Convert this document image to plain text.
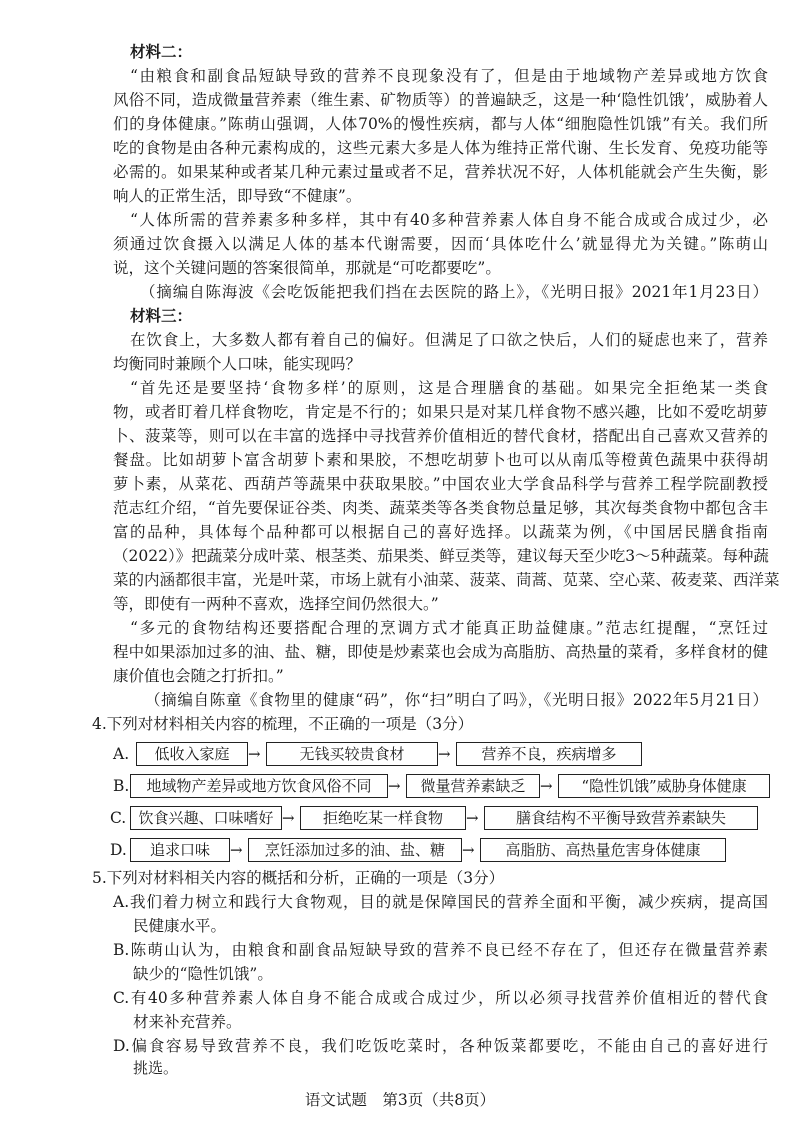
材料二：
“由粮食和副食品短缺导致的营养不良现象没有了，但是由于地域物产差异或地方饮食
风俗不同，造成微量营养素（维生素、矿物质等）的普遍缺乏，这是一种‘隐性饥饿’，威胁着人
们的身体健康。”陈萌山强调，人体70%的慢性疾病，都与人体“细胞隐性饥饿”有关。我们所
吃的食物是由各种元素构成的，这些元素大多是人体为维持正常代谢、生长发育、免疫功能等
必需的。如果某种或者某几种元素过量或者不足，营养状况不好，人体机能就会产生失衡，影
响人的正常生活，即导致“不健康”。
“人体所需的营养素多种多样，其中有40多种营养素人体自身不能合成或合成过少，必
须通过饮食摄入以满足人体的基本代谢需要，因而‘具体吃什么’就显得尤为关键。”陈萌山
说，这个关键问题的答案很简单，那就是“可吃都要吃”。
（摘编自陈海波《会吃饭能把我们挡在去医院的路上》，《光明日报》2021年1月23日）
材料三：
在饮食上，大多数人都有着自己的偏好。但满足了口欲之快后，人们的疑虑也来了，营养
均衡同时兼顾个人口味，能实现吗？
“首先还是要坚持‘食物多样’的原则，这是合理膳食的基础。如果完全拒绝某一类食
物，或者盯着几样食物吃，肯定是不行的；如果只是对某几样食物不感兴趣，比如不爱吃胡萝
卜、菠菜等，则可以在丰富的选择中寻找营养价值相近的替代食材，搭配出自己喜欢又营养的
餐盘。比如胡萝卜富含胡萝卜素和果胶，不想吃胡萝卜也可以从南瓜等橙黄色蔬果中获得胡
萝卜素，从菜花、西葫芦等蔬果中获取果胶。”中国农业大学食品科学与营养工程学院副教授
范志红介绍，“首先要保证谷类、肉类、蔬菜类等各类食物总量足够，其次每类食物中都包含丰
富的品种，具体每个品种都可以根据自己的喜好选择。以蔬菜为例，《中国居民膳食指南
（2022）》把蔬菜分成叶菜、根茎类、茄果类、鲜豆类等，建议每天至少吃3～5种蔬菜。每种蔬
菜的内涵都很丰富，光是叶菜，市场上就有小油菜、菠菜、茼蒿、苋菜、空心菜、莜麦菜、西洋菜
等，即使有一两种不喜欢，选择空间仍然很大。”
“多元的食物结构还要搭配合理的烹调方式才能真正助益健康。”范志红提醒，“烹饪过
程中如果添加过多的油、盐、糖，即使是炒素菜也会成为高脂肪、高热量的菜肴，多样食材的健
康价值也会随之打折扣。”
（摘编自陈童《食物里的健康“码”，你“扫”明白了吗》，《光明日报》2022年5月21日）
4.下列对材料相关内容的梳理，不正确的一项是（3分）
A.	低收入家庭	→	无钱买较贵食材	→	营养不良，疾病增多
B.	地域物产差异或地方饮食风俗不同	→	微量营养素缺乏 →	“隐性饥饿”威胁身体健康
C. 饮食兴趣、口味嗜好 →	拒绝吃某一样食物	→	膳食结构不平衡导致营养素缺失
D.	追求口味	→	烹饪添加过多的油、盐、糖	→	高脂肪、高热量危害身体健康
5.下列对材料相关内容的概括和分析，正确的一项是（3分）
A.我们着力树立和践行大食物观，目的就是保障国民的营养全面和平衡，减少疾病，提高国
民健康水平。
B.陈萌山认为，由粮食和副食品短缺导致的营养不良已经不存在了，但还存在微量营养素
缺少的“隐性饥饿”。
C.有40多种营养素人体自身不能合成或合成过少，所以必须寻找营养价值相近的替代食
材来补充营养。
D.偏食容易导致营养不良，我们吃饭吃菜时，各种饭菜都要吃，不能由自己的喜好进行
挑选。
语文试题　第3页（共8页）
